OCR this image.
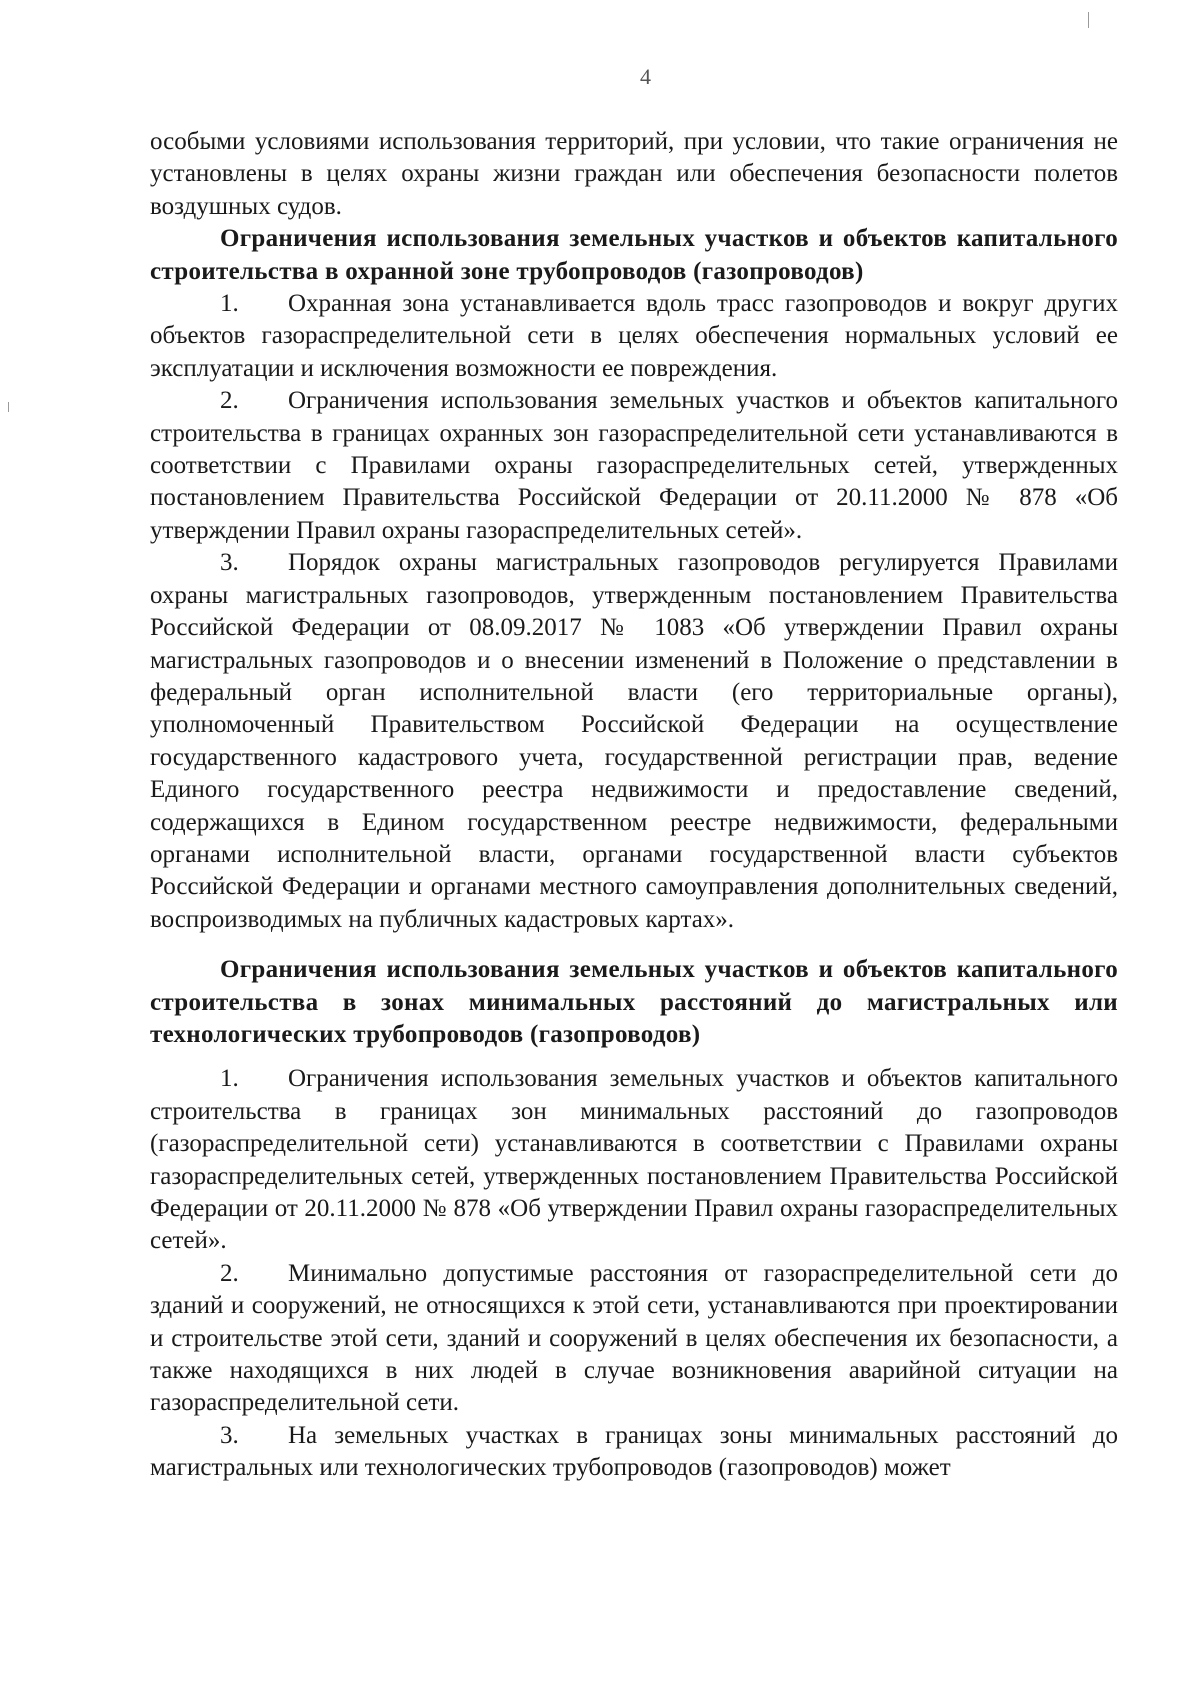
4

особыми условиями использования территорий, при условии, что такие ограничения не установлены в целях охраны жизни граждан или обеспечения безопасности полетов воздушных судов.

Ограничения использования земельных участков и объектов капитального строительства в охранной зоне трубопроводов (газопроводов)

1. Охранная зона устанавливается вдоль трасс газопроводов и вокруг других объектов газораспределительной сети в целях обеспечения нормальных условий ее эксплуатации и исключения возможности ее повреждения.

2. Ограничения использования земельных участков и объектов капитального строительства в границах охранных зон газораспределительной сети устанавливаются в соответствии с Правилами охраны газораспределительных сетей, утвержденных постановлением Правительства Российской Федерации от 20.11.2000 № 878 «Об утверждении Правил охраны газораспределительных сетей».

3. Порядок охраны магистральных газопроводов регулируется Правилами охраны магистральных газопроводов, утвержденным постановлением Правительства Российской Федерации от 08.09.2017 № 1083 «Об утверждении Правил охраны магистральных газопроводов и о внесении изменений в Положение о представлении в федеральный орган исполнительной власти (его территориальные органы), уполномоченный Правительством Российской Федерации на осуществление государственного кадастрового учета, государственной регистрации прав, ведение Единого государственного реестра недвижимости и предоставление сведений, содержащихся в Едином государственном реестре недвижимости, федеральными органами исполнительной власти, органами государственной власти субъектов Российской Федерации и органами местного самоуправления дополнительных сведений, воспроизводимых на публичных кадастровых картах».

Ограничения использования земельных участков и объектов капитального строительства в зонах минимальных расстояний до магистральных или технологических трубопроводов (газопроводов)

1. Ограничения использования земельных участков и объектов капитального строительства в границах зон минимальных расстояний до газопроводов (газораспределительной сети) устанавливаются в соответствии с Правилами охраны газораспределительных сетей, утвержденных постановлением Правительства Российской Федерации от 20.11.2000 № 878 «Об утверждении Правил охраны газораспределительных сетей».

2. Минимально допустимые расстояния от газораспределительной сети до зданий и сооружений, не относящихся к этой сети, устанавливаются при проектировании и строительстве этой сети, зданий и сооружений в целях обеспечения их безопасности, а также находящихся в них людей в случае возникновения аварийной ситуации на газораспределительной сети.

3. На земельных участках в границах зоны минимальных расстояний до магистральных или технологических трубопроводов (газопроводов) может
